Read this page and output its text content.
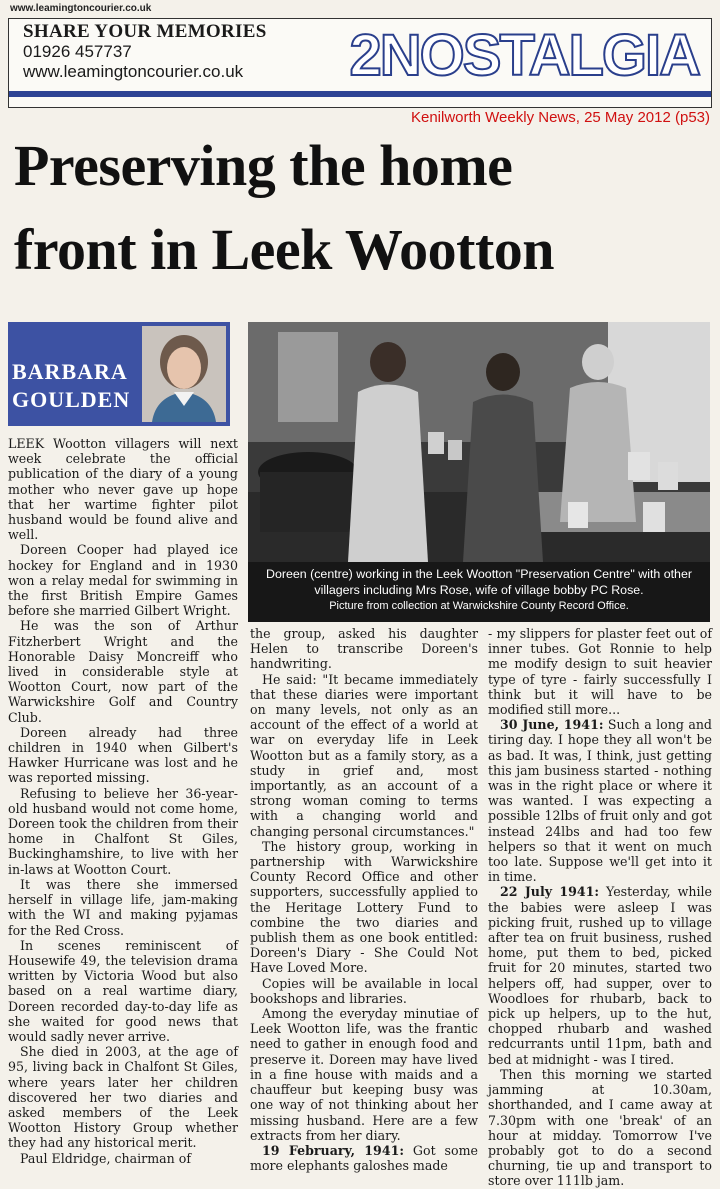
www.leamingtoncourier.co.uk
SHARE YOUR MEMORIES
01926 457737
www.leamingtoncourier.co.uk	2NOSTALGIA
Kenilworth Weekly News, 25 May 2012 (p53)
Preserving the home
front in Leek Wootton
BARBARA
GOULDEN
Doreen (centre) working in the Leek Wootton "Preservation Centre" with other villagers including Mrs Rose, wife of village bobby PC Rose.
Picture from collection at Warwickshire County Record Office.

LEEK Wootton villagers will next week celebrate the official publication of the diary of a young mother who never gave up hope that her wartime fighter pilot husband would be found alive and well.

Doreen Cooper had played ice hockey for England and in 1930 won a relay medal for swimming in the first British Empire Games before she married Gilbert Wright.

He was the son of Arthur Fitzherbert Wright and the Honorable Daisy Moncreiff who lived in considerable style at Wootton Court, now part of the Warwickshire Golf and Country Club.

Doreen already had three children in 1940 when Gilbert's Hawker Hurricane was lost and he was reported missing.

Refusing to believe her 36-year-old husband would not come home, Doreen took the children from their home in Chalfont St Giles, Buckinghamshire, to live with her in-laws at Wootton Court.

It was there she immersed herself in village life, jam-making with the WI and making pyjamas for the Red Cross.

In scenes reminiscent of Housewife 49, the television drama written by Victoria Wood but also based on a real wartime diary, Doreen recorded day-to-day life as she waited for good news that would sadly never arrive.

She died in 2003, at the age of 95, living back in Chalfont St Giles, where years later her children discovered her two diaries and asked members of the Leek Wootton History Group whether they had any historical merit.

Paul Eldridge, chairman of

the group, asked his daughter Helen to transcribe Doreen's handwriting.

He said: "It became immediately that these diaries were important on many levels, not only as an account of the effect of a world at war on everyday life in Leek Wootton but as a family story, as a study in grief and, most importantly, as an account of a strong woman coming to terms with a changing world and changing personal circumstances."

The history group, working in partnership with Warwickshire County Record Office and other supporters, successfully applied to the Heritage Lottery Fund to combine the two diaries and publish them as one book entitled: Doreen's Diary - She Could Not Have Loved More.

Copies will be available in local bookshops and libraries.

Among the everyday minutiae of Leek Wootton life, was the frantic need to gather in enough food and preserve it. Doreen may have lived in a fine house with maids and a chauffeur but keeping busy was one way of not thinking about her missing husband. Here are a few extracts from her diary.

19 February, 1941: Got some more elephants galoshes made

- my slippers for plaster feet out of inner tubes. Got Ronnie to help me modify design to suit heavier type of tyre - fairly successfully I think but it will have to be modified still more...

30 June, 1941: Such a long and tiring day. I hope they all won't be as bad. It was, I think, just getting this jam business started - nothing was in the right place or where it was wanted. I was expecting a possible 12lbs of fruit only and got instead 24lbs and had too few helpers so that it went on much too late. Suppose we'll get into it in time.

22 July 1941: Yesterday, while the babies were asleep I was picking fruit, rushed up to village after tea on fruit business, rushed home, put them to bed, picked fruit for 20 minutes, started two helpers off, had supper, over to Woodloes for rhubarb, back to pick up helpers, up to the hut, chopped rhubarb and washed redcurrants until 11pm, bath and bed at midnight - was I tired.

Then this morning we started jamming at 10.30am, shorthanded, and I came away at 7.30pm with one 'break' of an hour at midday. Tomorrow I've probably got to do a second churning, tie up and transport to store over 111lb jam.
